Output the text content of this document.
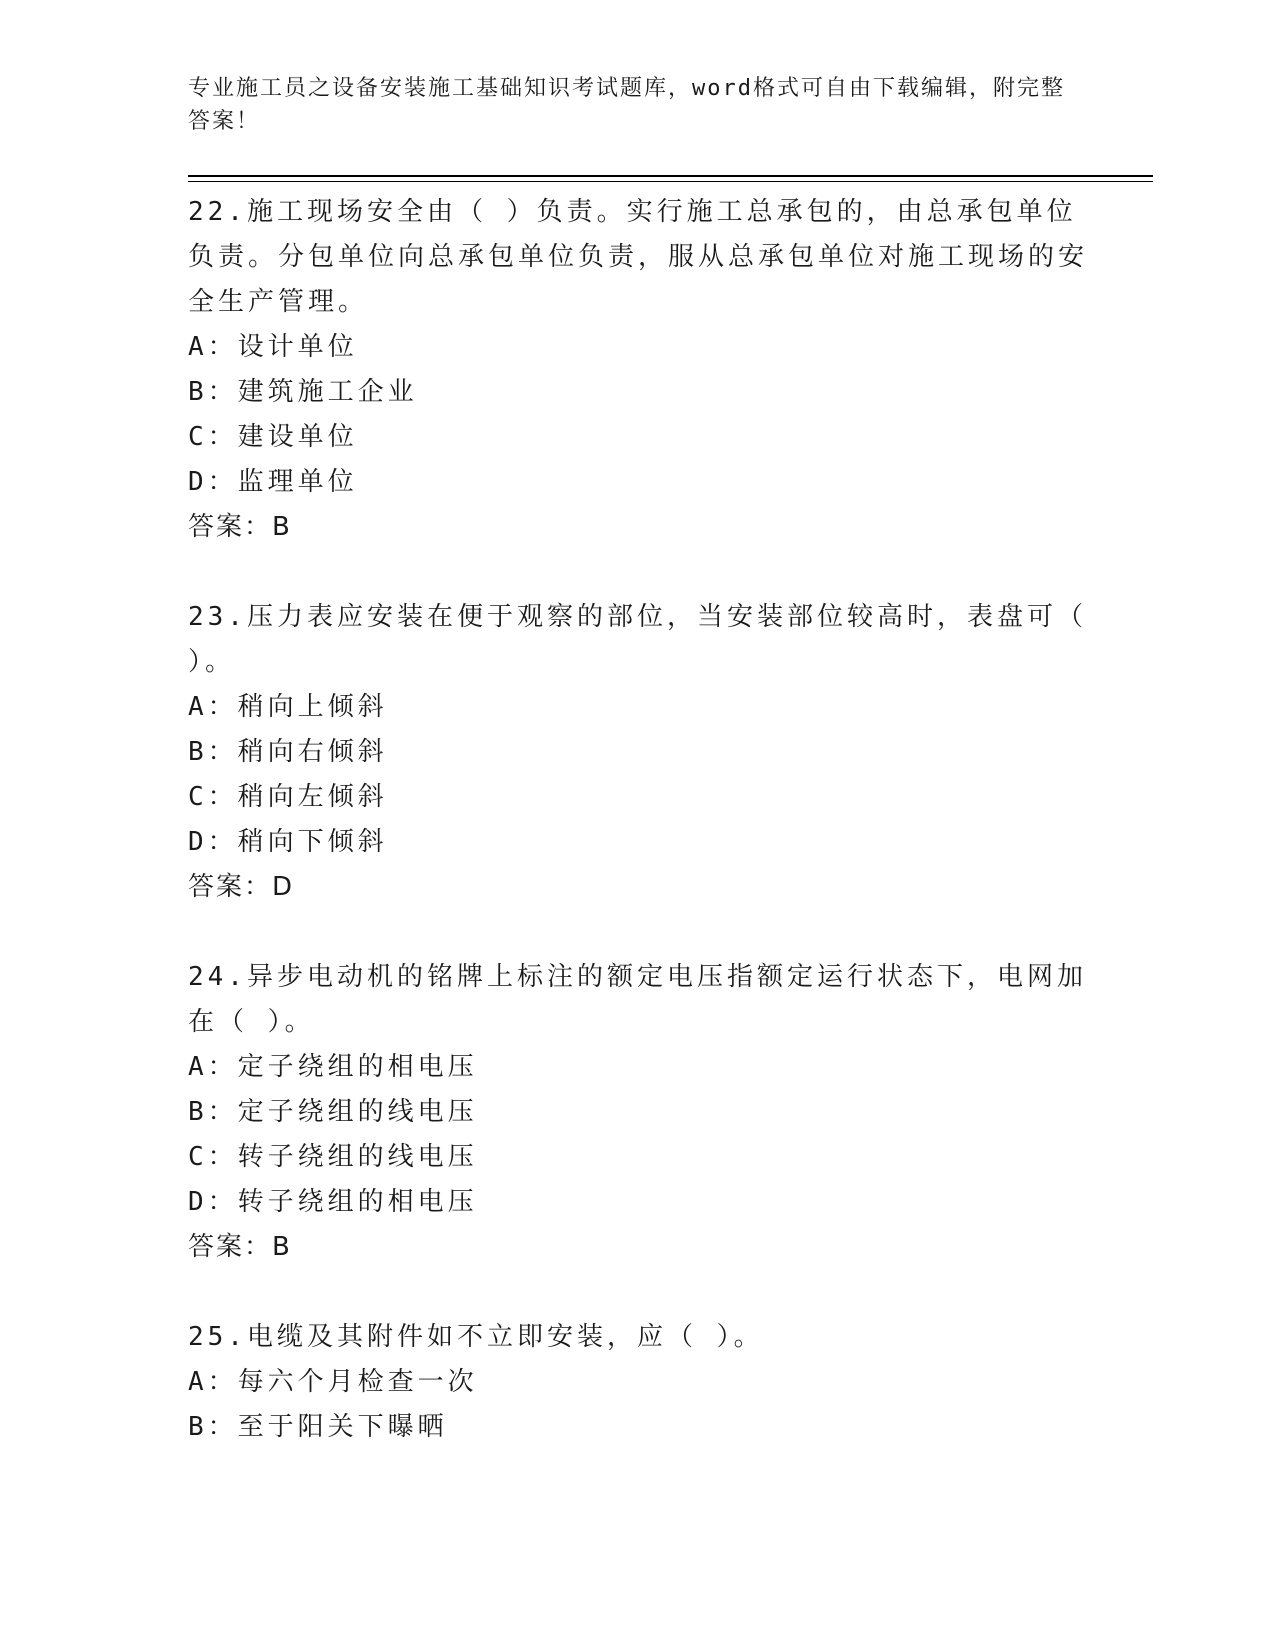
专业施工员之设备安装施工基础知识考试题库，word格式可自由下载编辑，附完整答案！
22.施工现场安全由（ ）负责。实行施工总承包的，由总承包单位负责。分包单位向总承包单位负责，服从总承包单位对施工现场的安全生产管理。
A：设计单位
B：建筑施工企业
C：建设单位
D：监理单位
答案：B
23.压力表应安装在便于观察的部位，当安装部位较高时，表盘可（ ）。
A：稍向上倾斜
B：稍向右倾斜
C：稍向左倾斜
D：稍向下倾斜
答案：D
24.异步电动机的铭牌上标注的额定电压指额定运行状态下，电网加在（ ）。
A：定子绕组的相电压
B：定子绕组的线电压
C：转子绕组的线电压
D：转子绕组的相电压
答案：B
25.电缆及其附件如不立即安装，应（ ）。
A：每六个月检查一次
B：至于阳关下曝晒
